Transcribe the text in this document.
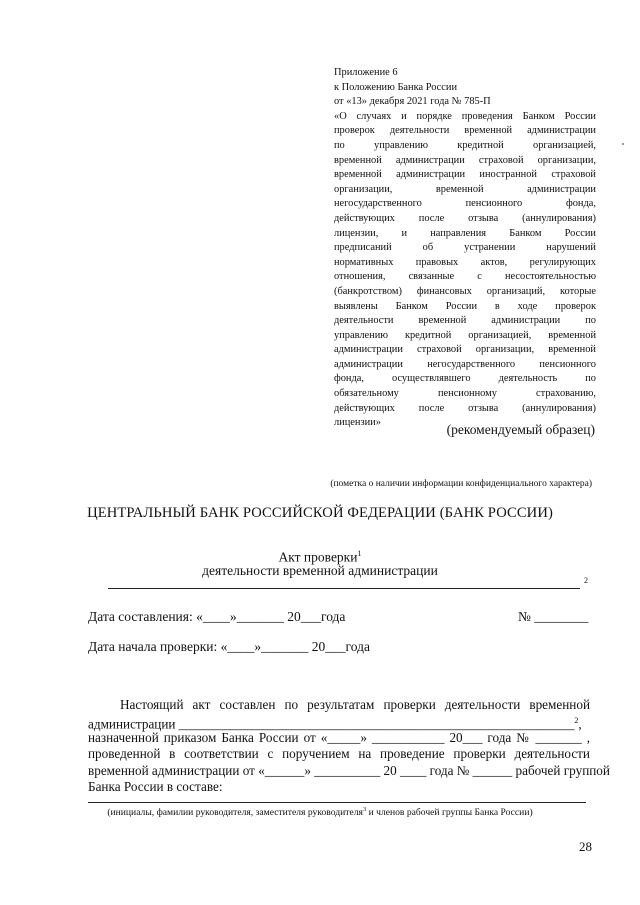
Приложение 6
к Положению Банка России
от «13» декабря 2021 года № 785-П
«О случаях и порядке проведения Банком России
проверок деятельности временной администрации
по управлению кредитной организацией,
временной администрации страховой организации,
временной администрации иностранной страховой
организации, временной администрации
негосударственного пенсионного фонда,
действующих после отзыва (аннулирования)
лицензии, и направления Банком России
предписаний об устранении нарушений
нормативных правовых актов, регулирующих
отношения, связанные с несостоятельностью
(банкротством) финансовых организаций, которые
выявлены Банком России в ходе проверок
деятельности временной администрации по
управлению кредитной организацией, временной
администрации страховой организации, временной
администрации негосударственного пенсионного
фонда, осуществлявшего деятельность по
обязательному пенсионному страхованию,
действующих после отзыва (аннулирования)
лицензии»	(рекомендуемый образец)
(пометка о наличии информации конфиденциального характера)
ЦЕНТРАЛЬНЫЙ БАНК РОССИЙСКОЙ ФЕДЕРАЦИИ (БАНК РОССИИ)
Акт проверки$^1$
деятельности временной администрации
2
Дата составления: «____»_______ 20___года	№ ________
Дата начала проверки: «____»_______ 20___года
Настоящий акт составлен по результатам проверки деятельности временной
администрации ____________________________________________________________$^2$,
назначенной приказом Банка России от «_____» ___________ 20___ года № _______ ,
проведенной в соответствии с поручением на проведение проверки деятельности
временной администрации от «______» __________ 20 ____ года № ______ рабочей группой
Банка России в составе:
(инициалы, фамилии руководителя, заместителя руководителя$^3$ и членов рабочей группы Банка России)
28
